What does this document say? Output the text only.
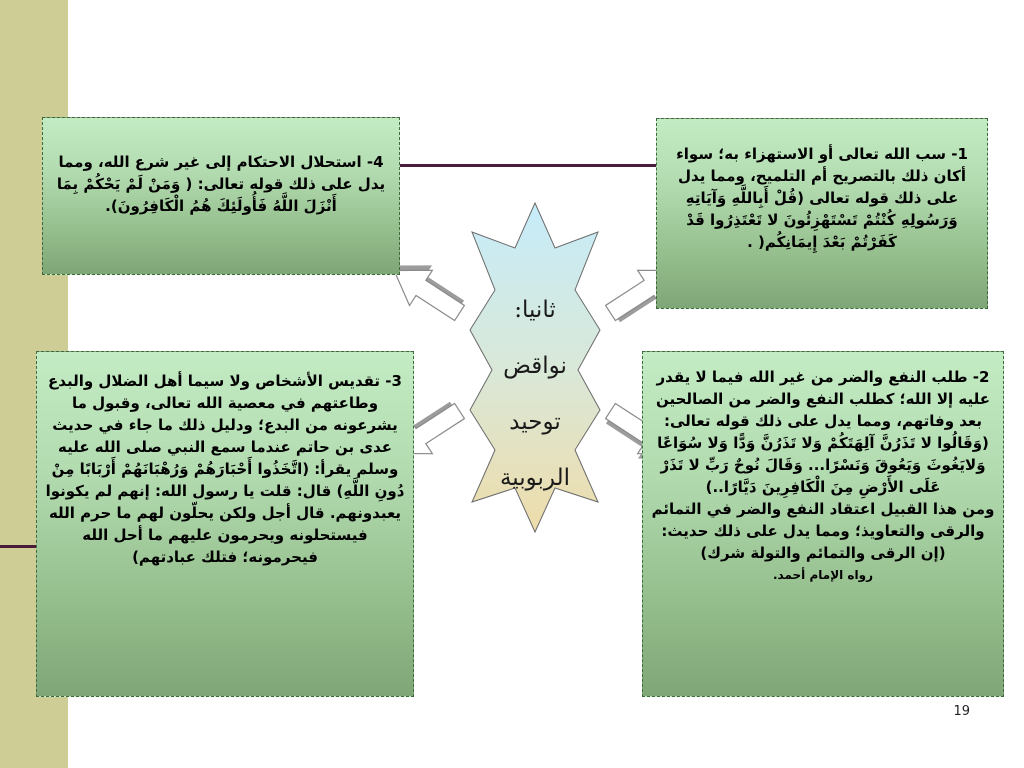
ثانيا:
نواقض
توحيد
الربوبية

1- سب الله تعالى أو الاستهزاء به؛ سواء أكان ذلك بالتصريح أم التلميح، ومما يدل على ذلك قوله تعالى (قُلْ أَبِاللَّهِ وَآيَاتِهِ وَرَسُولِهِ كُنْتُمْ تَسْتَهْزِئُونَ لا تَعْتَذِرُوا قَدْ كَفَرْتُمْ بَعْدَ إِيمَانِكُم( .

2- طلب النفع والضر من غير الله فيما لا يقدر عليه إلا الله؛ كطلب النفع والضر من الصالحين بعد وفاتهم، ومما يدل على ذلك قوله تعالى: (وَقَالُوا لا تَذَرُنَّ آلِهَتَكُمْ وَلا تَذَرُنَّ وَدًّا وَلا سُوَاعًا وَلايَغُوثَ وَيَعُوقَ وَنَسْرًا... وَقَالَ نُوحٌ رَبِّ لا تَذَرْ عَلَى الأَرْضِ مِنَ الْكَافِرِينَ دَيَّارًا..)

ومن هذا القبيل اعتقاد النفع والضر في التمائم والرقى والتعاويذ؛ ومما يدل على ذلك حديث: (إن الرقى والتمائم والتولة شرك)

رواه الإمام أحمد.

3- تقديس الأشخاص ولا سيما أهل الضلال والبدع وطاعتهم في معصية الله تعالى، وقبول ما يشرعونه من البدع؛ ودليل ذلك ما جاء في حديث عدى بن حاتم عندما سمع النبي صلى الله عليه وسلم يقرأ: (اتَّخَذُوا أَحْبَارَهُمْ وَرُهْبَانَهُمْ أَرْبَابًا مِنْ دُونِ اللَّهِ) قال: قلت يا رسول الله: إنهم لم يكونوا يعبدونهم. قال أجل ولكن يحلّون لهم ما حرم الله فيستحلونه ويحرمون عليهم ما أحل الله فيحرمونه؛ فتلك عبادتهم)

4- استحلال الاحتكام إلى غير شرع الله، ومما يدل على ذلك قوله تعالى: ( وَمَنْ لَمْ يَحْكُمْ بِمَا أَنْزَلَ اللَّهُ فَأُولَئِكَ هُمُ الْكَافِرُونَ).

19
